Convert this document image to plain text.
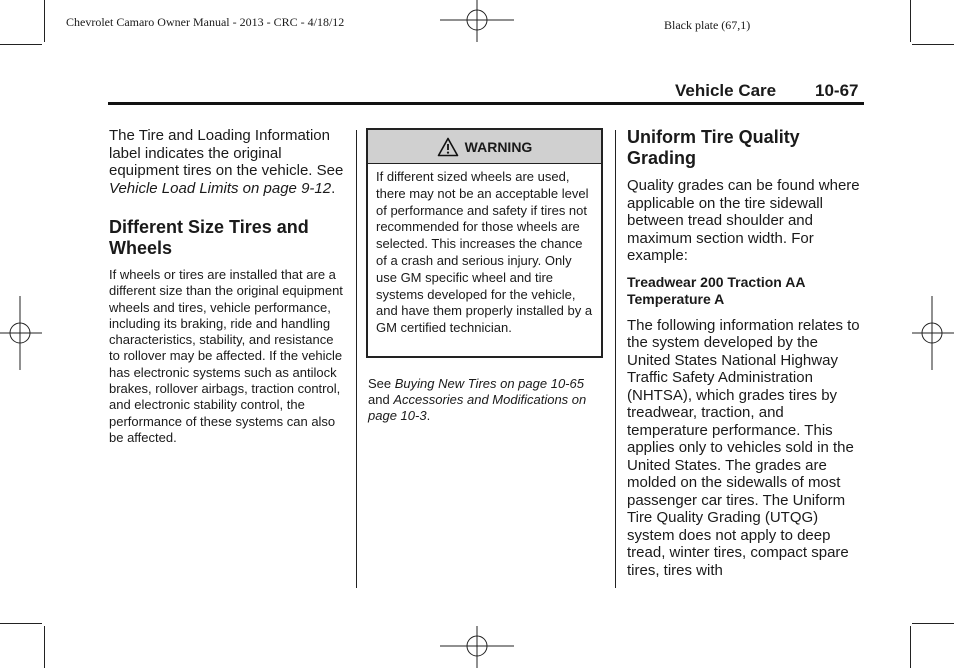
Chevrolet Camaro Owner Manual - 2013 - CRC - 4/18/12	Black plate (67,1)
Vehicle Care 10-67

The Tire and Loading Information label indicates the original equipment tires on the vehicle. See Vehicle Load Limits on page 9-12.

Different Size Tires and Wheels

If wheels or tires are installed that are a different size than the original equipment wheels and tires, vehicle performance, including its braking, ride and handling characteristics, stability, and resistance to rollover may be affected. If the vehicle has electronic systems such as antilock brakes, rollover airbags, traction control, and electronic stability control, the performance of these systems can also be affected.

WARNING
If different sized wheels are used, there may not be an acceptable level of performance and safety if tires not recommended for those wheels are selected. This increases the chance of a crash and serious injury. Only use GM specific wheel and tire systems developed for the vehicle, and have them properly installed by a GM certified technician.
See Buying New Tires on page 10-65 and Accessories and Modifications on page 10-3.

Uniform Tire Quality Grading

Quality grades can be found where applicable on the tire sidewall between tread shoulder and maximum section width. For example:

Treadwear 200 Traction AA Temperature A

The following information relates to the system developed by the United States National Highway Traffic Safety Administration (NHTSA), which grades tires by treadwear, traction, and temperature performance. This applies only to vehicles sold in the United States. The grades are molded on the sidewalls of most passenger car tires. The Uniform Tire Quality Grading (UTQG) system does not apply to deep tread, winter tires, compact spare tires, tires with
